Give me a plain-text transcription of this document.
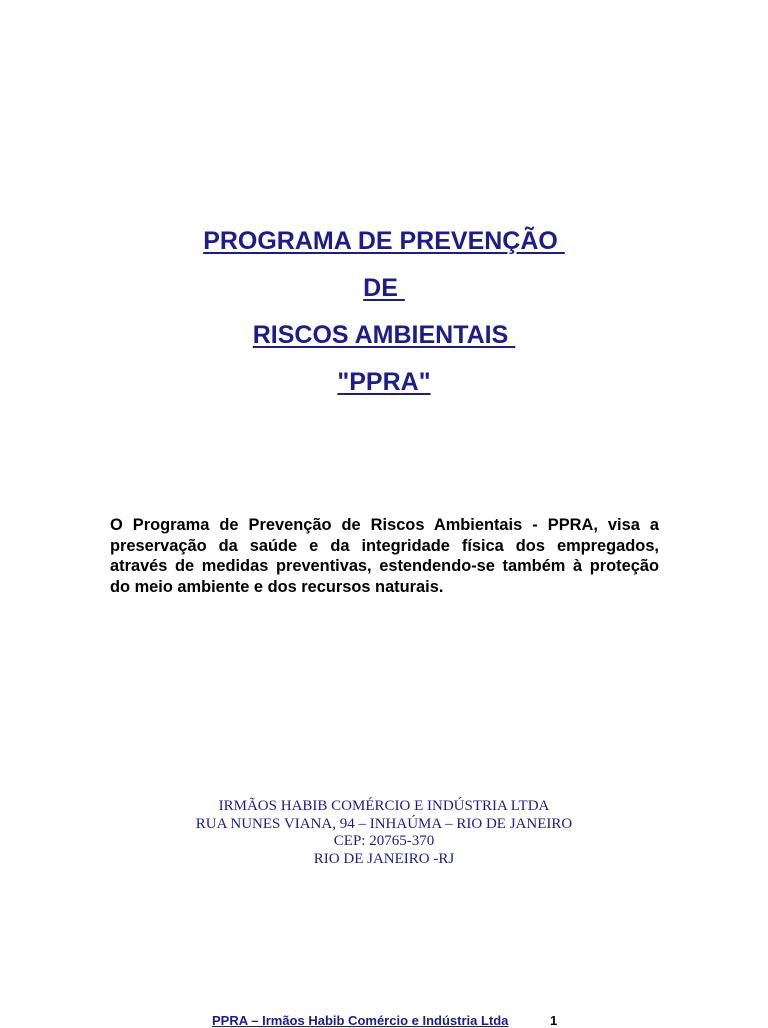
PROGRAMA DE PREVENÇÃO
DE
RISCOS AMBIENTAIS
"PPRA"

O Programa de Prevenção de Riscos Ambientais - PPRA, visa a preservação da saúde e da integridade física dos empregados, através de medidas preventivas, estendendo-se também à proteção do meio ambiente e dos recursos naturais.

IRMÃOS HABIB COMÉRCIO E INDÚSTRIA LTDA
RUA NUNES VIANA, 94 – INHAÚMA – RIO DE JANEIRO
CEP: 20765-370
RIO DE JANEIRO -RJ
PPRA – Irmãos Habib Comércio e Indústria Ltda	1
